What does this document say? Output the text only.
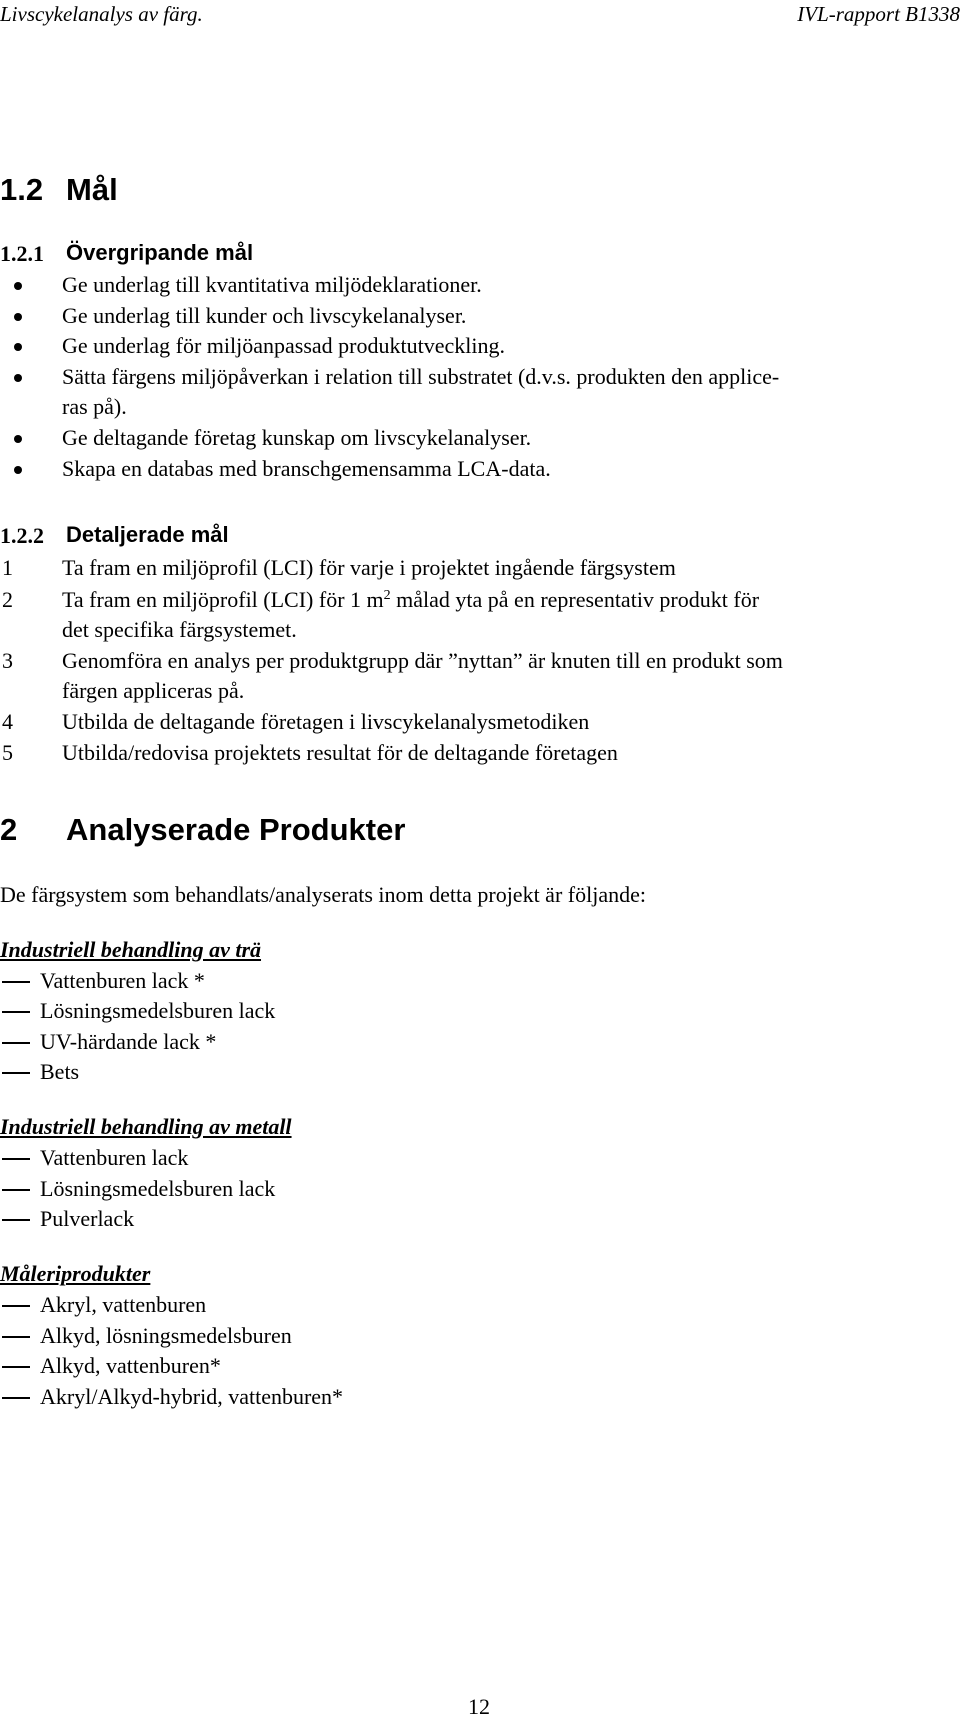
Livscykelanalys av färg.	IVL-rapport B1338
1.2 Mål
1.2.1 Övergripande mål
Ge underlag till kvantitativa miljödeklarationer.
Ge underlag till kunder och livscykelanalyser.
Ge underlag för miljöanpassad produktutveckling.
Sätta färgens miljöpåverkan i relation till substratet (d.v.s. produkten den applice-
ras på).
Ge deltagande företag kunskap om livscykelanalyser.
Skapa en databas med branschgemensamma LCA-data.
1.2.2 Detaljerade mål
1 Ta fram en miljöprofil (LCI) för varje i projektet ingående färgsystem
2 Ta fram en miljöprofil (LCI) för 1 $m^2$ målad yta på en representativ produkt för
det specifika färgsystemet.
3 Genomföra en analys per produktgrupp där ”nyttan” är knuten till en produkt som
färgen appliceras på.
4 Utbilda de deltagande företagen i livscykelanalysmetodiken
5 Utbilda/redovisa projektets resultat för de deltagande företagen
2 Analyserade Produkter
De färgsystem som behandlats/analyserats inom detta projekt är följande:
Industriell behandling av trä
Vattenburen lack *
Lösningsmedelsburen lack
UV-härdande lack *
Bets
Industriell behandling av metall
Vattenburen lack
Lösningsmedelsburen lack
Pulverlack
Måleriprodukter
Akryl, vattenburen
Alkyd, lösningsmedelsburen
Alkyd, vattenburen*
Akryl/Alkyd-hybrid, vattenburen*
12
